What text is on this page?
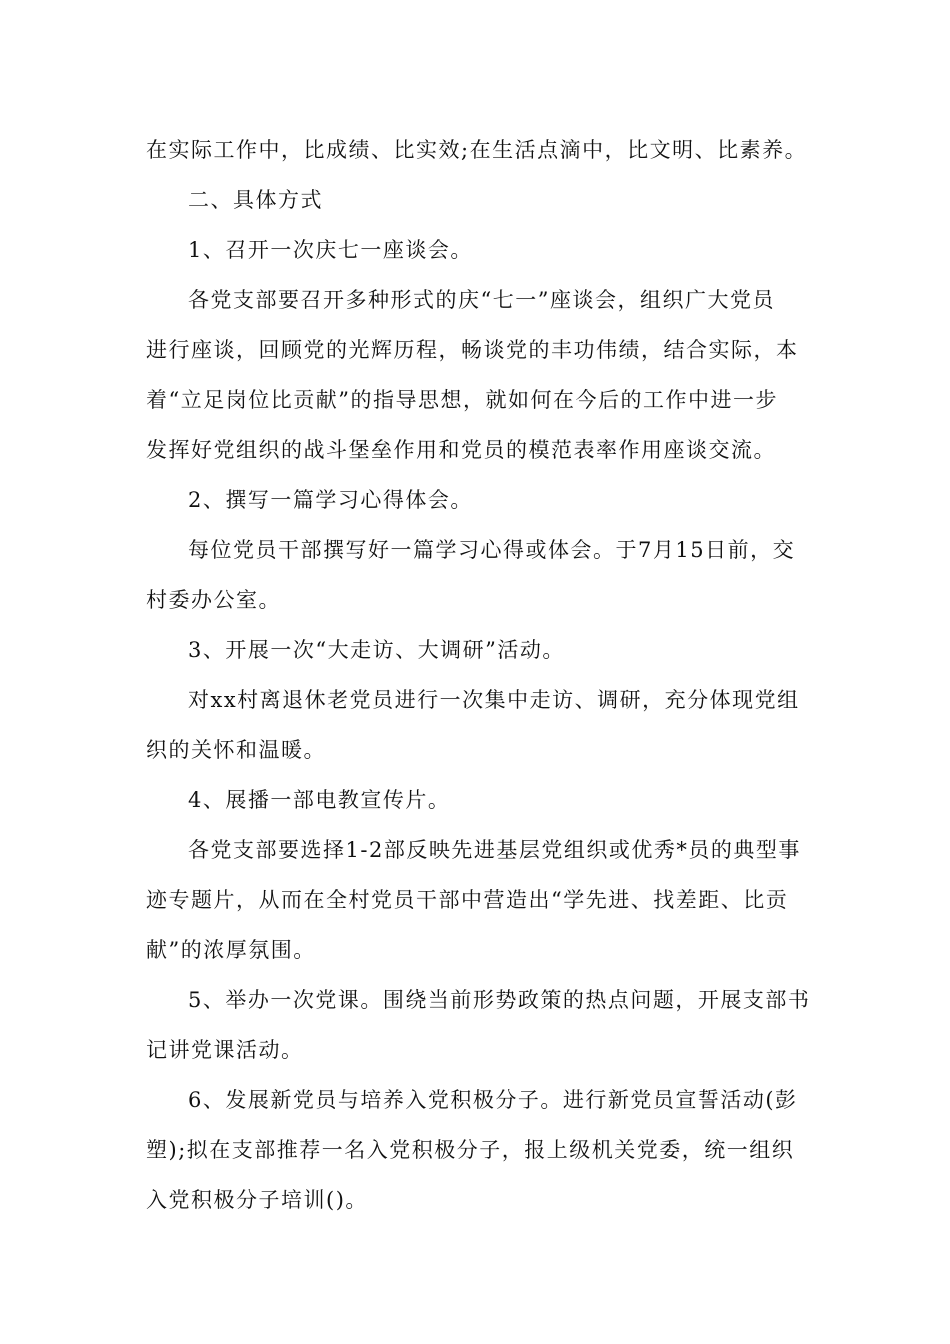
在实际工作中，比成绩、比实效;在生活点滴中，比文明、比素养。
二、具体方式
1、召开一次庆七一座谈会。
各党支部要召开多种形式的庆“七一”座谈会，组织广大党员
进行座谈，回顾党的光辉历程，畅谈党的丰功伟绩，结合实际，本
着“立足岗位比贡献”的指导思想，就如何在今后的工作中进一步
发挥好党组织的战斗堡垒作用和党员的模范表率作用座谈交流。
2、撰写一篇学习心得体会。
每位党员干部撰写好一篇学习心得或体会。于7月15日前，交
村委办公室。
3、开展一次“大走访、大调研”活动。
对xx村离退休老党员进行一次集中走访、调研，充分体现党组
织的关怀和温暖。
4、展播一部电教宣传片。
各党支部要选择1-2部反映先进基层党组织或优秀*员的典型事
迹专题片，从而在全村党员干部中营造出“学先进、找差距、比贡
献”的浓厚氛围。
5、举办一次党课。围绕当前形势政策的热点问题，开展支部书
记讲党课活动。
6、发展新党员与培养入党积极分子。进行新党员宣誓活动(彭
塑);拟在支部推荐一名入党积极分子，报上级机关党委，统一组织
入党积极分子培训()。
